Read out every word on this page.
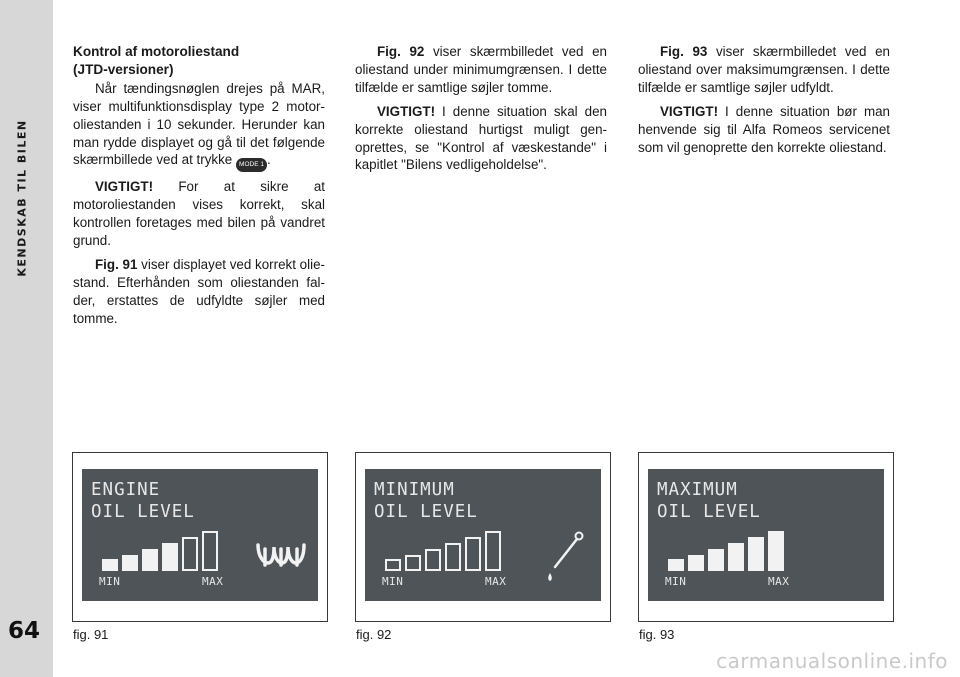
KENDSKAB TIL BILEN
64
Kontrol af motoroliestand
(JTD-versioner)

Når tændingsnøglen drejes på MAR, viser multifunktionsdisplay type 2 motoroliestanden i 10 sekunder. Herunder kan man rydde displayet og gå til det følgende skærmbillede ved at trykke MODE 1 .

VIGTIGT! For at sikre at motoroliestanden vises korrekt, skal kontrollen foretages med bilen på vandret grund.

Fig. 91 viser displayet ved korrekt oliestand. Efterhånden som oliestanden falder, erstattes de udfyldte søjler med tomme.

Fig. 92 viser skærmbilledet ved en oliestand under minimumgrænsen. I dette tilfælde er samtlige søjler tomme.

VIGTIGT! I denne situation skal den korrekte oliestand hurtigst muligt genoprettes, se "Kontrol af væskestande" i kapitlet "Bilens vedligeholdelse".

Fig. 93 viser skærmbilledet ved en oliestand over maksimumgrænsen. I dette tilfælde er samtlige søjler udfyldt.

VIGTIGT! I denne situation bør man henvende sig til Alfa Romeos servicenet som vil genoprette den korrekte oliestand.

ENGINE
OIL LEVEL
MIN	MAX
MINIMUM
OIL LEVEL
MIN	MAX
MAXIMUM
OIL LEVEL
MIN	MAX
fig. 91	fig. 92	fig. 93
carmanualsonline.info
